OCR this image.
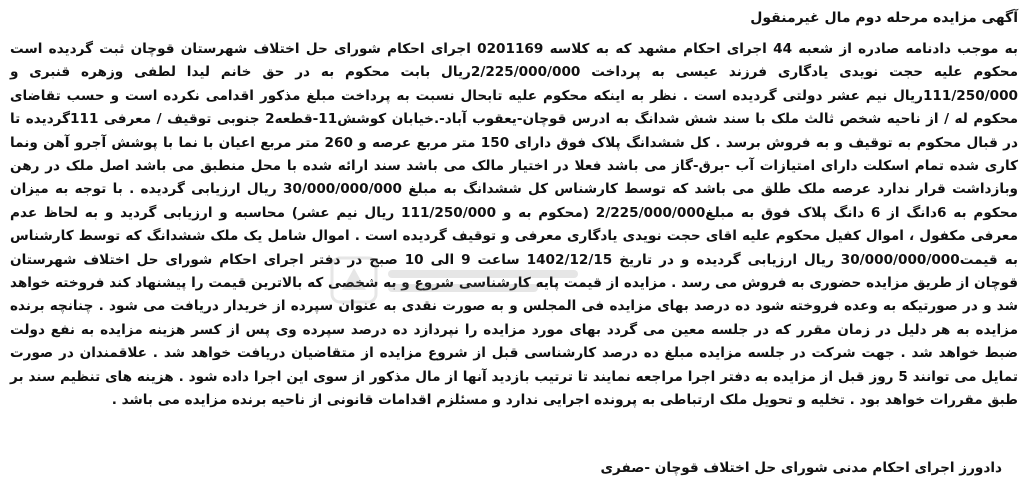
آگهی مزایده مرحله دوم مال غیرمنقول

به موجب دادنامه صادره از شعبه 44 اجرای احکام مشهد که به کلاسه 0201169 اجرای احکام شورای حل اختلاف شهرستان قوچان ثبت گردیده است محکوم علیه حجت نویدی یادگاری فرزند عیسی به پرداخت 2/225/000/000ریال بابت محکوم به در حق خانم لیدا لطفی وزهره قنبری و 111/250/000ریال نیم عشر دولتی گردیده است . نظر به اینکه محکوم علیه تابحال نسبت به پرداخت مبلغ مذکور اقدامی نکرده است و حسب تقاضای محکوم له / از ناحیه شخص ثالث ملک با سند شش شدانگ به ادرس قوچان-یعقوب آباد-.خیابان کوشش11-قطعه2 جنوبی توقیف / معرفی 111گردیده تا در قبال محکوم به توقیف و به فروش برسد . کل ششدانگ پلاک فوق دارای 150 متر مربع عرصه و 260 متر مربع اعیان با نما با پوشش آجرو آهن ونما کاری شده تمام اسکلت دارای امتیازات آب -برق-گاز می باشد فعلا در اختیار مالک می باشد سند ارائه شده با محل منطبق می باشد اصل ملک در رهن وبازداشت قرار ندارد عرصه ملک طلق می باشد که توسط کارشناس کل ششدانگ به مبلغ 30/000/000/000 ریال ارزیابی گردیده . با توجه به میزان محکوم به 6دانگ از 6 دانگ پلاک فوق به مبلغ2/225/000/000 (محکوم به و 111/250/000 ریال نیم عشر) محاسبه و ارزیابی گردید و به لحاظ عدم معرفی مکفول ، اموال کفیل محکوم علیه اقای حجت نویدی یادگاری معرفی و توقیف گردیده است . اموال شامل یک ملک ششدانگ که توسط کارشناس به قیمت30/000/000/000 ریال ارزیابی گردیده و در تاریخ 1402/12/15 ساعت 9 الی 10 صبح در دفتر اجرای احکام شورای حل اختلاف شهرستان قوچان از طریق مزایده حضوری به فروش می رسد . مزایده از قیمت پایه کارشناسی شروع و به شخصی که بالاترین قیمت را پیشنهاد کند فروخته خواهد شد و در صورتیکه به وعده فروخته شود ده درصد بهای مزایده فی المجلس و به صورت نقدی به عنوان سپرده از خریدار دریافت می شود . چنانچه برنده مزایده به هر دلیل در زمان مقرر که در جلسه معین می گردد بهای مورد مزایده را نپردازد ده درصد سپرده وی پس از کسر هزینه مزایده به نفع دولت ضبط خواهد شد . جهت شرکت در جلسه مزایده مبلغ ده درصد کارشناسی قبل از شروع مزایده از متقاضیان دریافت خواهد شد . علاقمندان در صورت تمایل می توانند 5 روز قبل از مزایده به دفتر اجرا مراجعه نمایند تا ترتیب بازدید آنها از مال مذکور از سوی این اجرا داده شود . هزینه های تنظیم سند بر طبق مقررات خواهد بود . تخلیه و تحویل ملک ارتباطی به پرونده اجرایی ندارد و مسئلزم اقدامات قانونی از ناحیه برنده مزایده می باشد .

دادورز اجرای احکام مدنی شورای حل اختلاف قوچان -صفری
